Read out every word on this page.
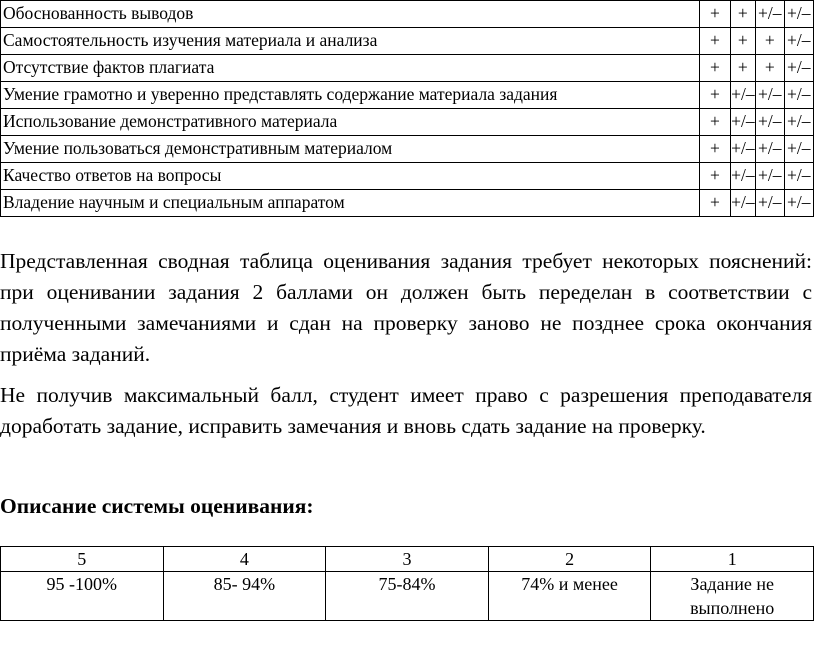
Обоснованность выводов	+	+	+/–	+/–
Самостоятельность изучения материала и анализа	+	+	+	+/–
Отсутствие фактов плагиата	+	+	+	+/–
Умение грамотно и уверенно представлять содержание материала задания	+	+/–	+/–	+/–
Использование демонстративного материала	+	+/–	+/–	+/–
Умение пользоваться демонстративным материалом	+	+/–	+/–	+/–
Качество ответов на вопросы	+	+/–	+/–	+/–
Владение научным и специальным аппаратом	+	+/–	+/–	+/–

Представленная сводная таблица оценивания задания требует некоторых пояснений: при оценивании задания 2 баллами он должен быть переделан в соответствии с полученными замечаниями и сдан на проверку заново не позднее срока окончания приёма заданий.

Не получив максимальный балл, студент имеет право с разрешения преподавателя доработать задание, исправить замечания и вновь сдать задание на проверку.

Описание системы оценивания:
5	4	3	2	1
95 -100%	85- 94%	75-84%	74% и менее	Задание не выполнено
